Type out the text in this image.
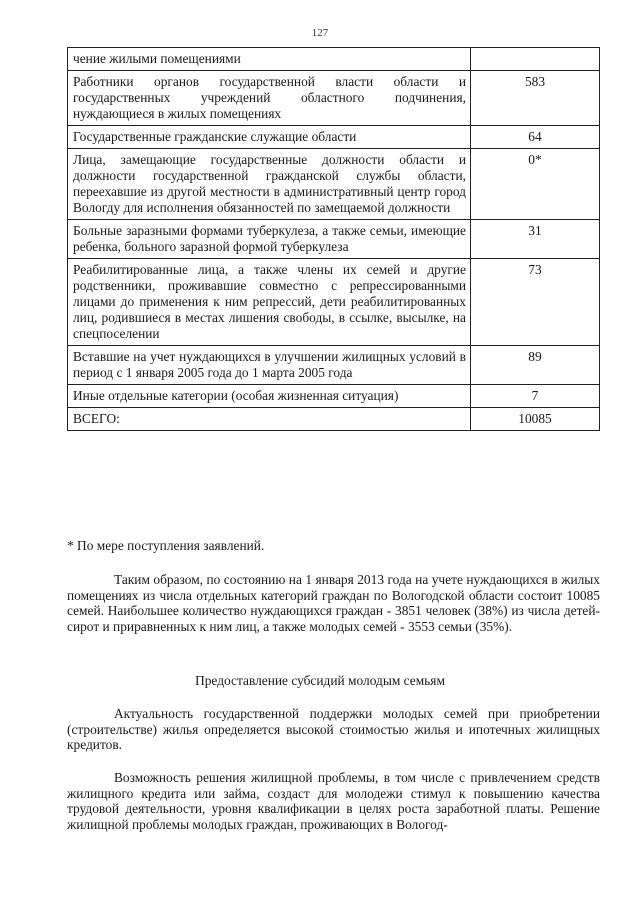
127
чение жилыми помещениями	
Работники органов государственной власти области и государственных учреждений областного подчинения, нуждающиеся в жилых помещениях	583
Государственные гражданские служащие области	64
Лица, замещающие государственные должности области и должности государственной гражданской службы области, переехавшие из другой местности в административный центр город Вологду для исполнения обязанностей по замещаемой должности	0*
Больные заразными формами туберкулеза, а также семьи, имеющие ребенка, больного заразной формой туберкулеза	31
Реабилитированные лица, а также члены их семей и другие родственники, проживавшие совместно с репрессированными лицами до применения к ним репрессий, дети реабилитированных лиц, родившиеся в местах лишения свободы, в ссылке, высылке, на спецпоселении	73
Вставшие на учет нуждающихся в улучшении жилищных условий в период с 1 января 2005 года до 1 марта 2005 года	89
Иные отдельные категории (особая жизненная ситуация)	7
ВСЕГО:	10085
* По мере поступления заявлений.

Таким образом, по состоянию на 1 января 2013 года на учете нуждающихся в жилых помещениях из числа отдельных категорий граждан по Вологодской области состоит 10085 семей. Наибольшее количество нуждающихся граждан - 3851 человек (38%) из числа детей-сирот и приравненных к ним лиц, а также молодых семей - 3553 семьи (35%).

Предоставление субсидий молодым семьям

Актуальность государственной поддержки молодых семей при приобретении (строительстве) жилья определяется высокой стоимостью жилья и ипотечных жилищных кредитов.

Возможность решения жилищной проблемы, в том числе с привлечением средств жилищного кредита или займа, создаст для молодежи стимул к повышению качества трудовой деятельности, уровня квалификации в целях роста заработной платы. Решение жилищной проблемы молодых граждан, проживающих в Вологод-
